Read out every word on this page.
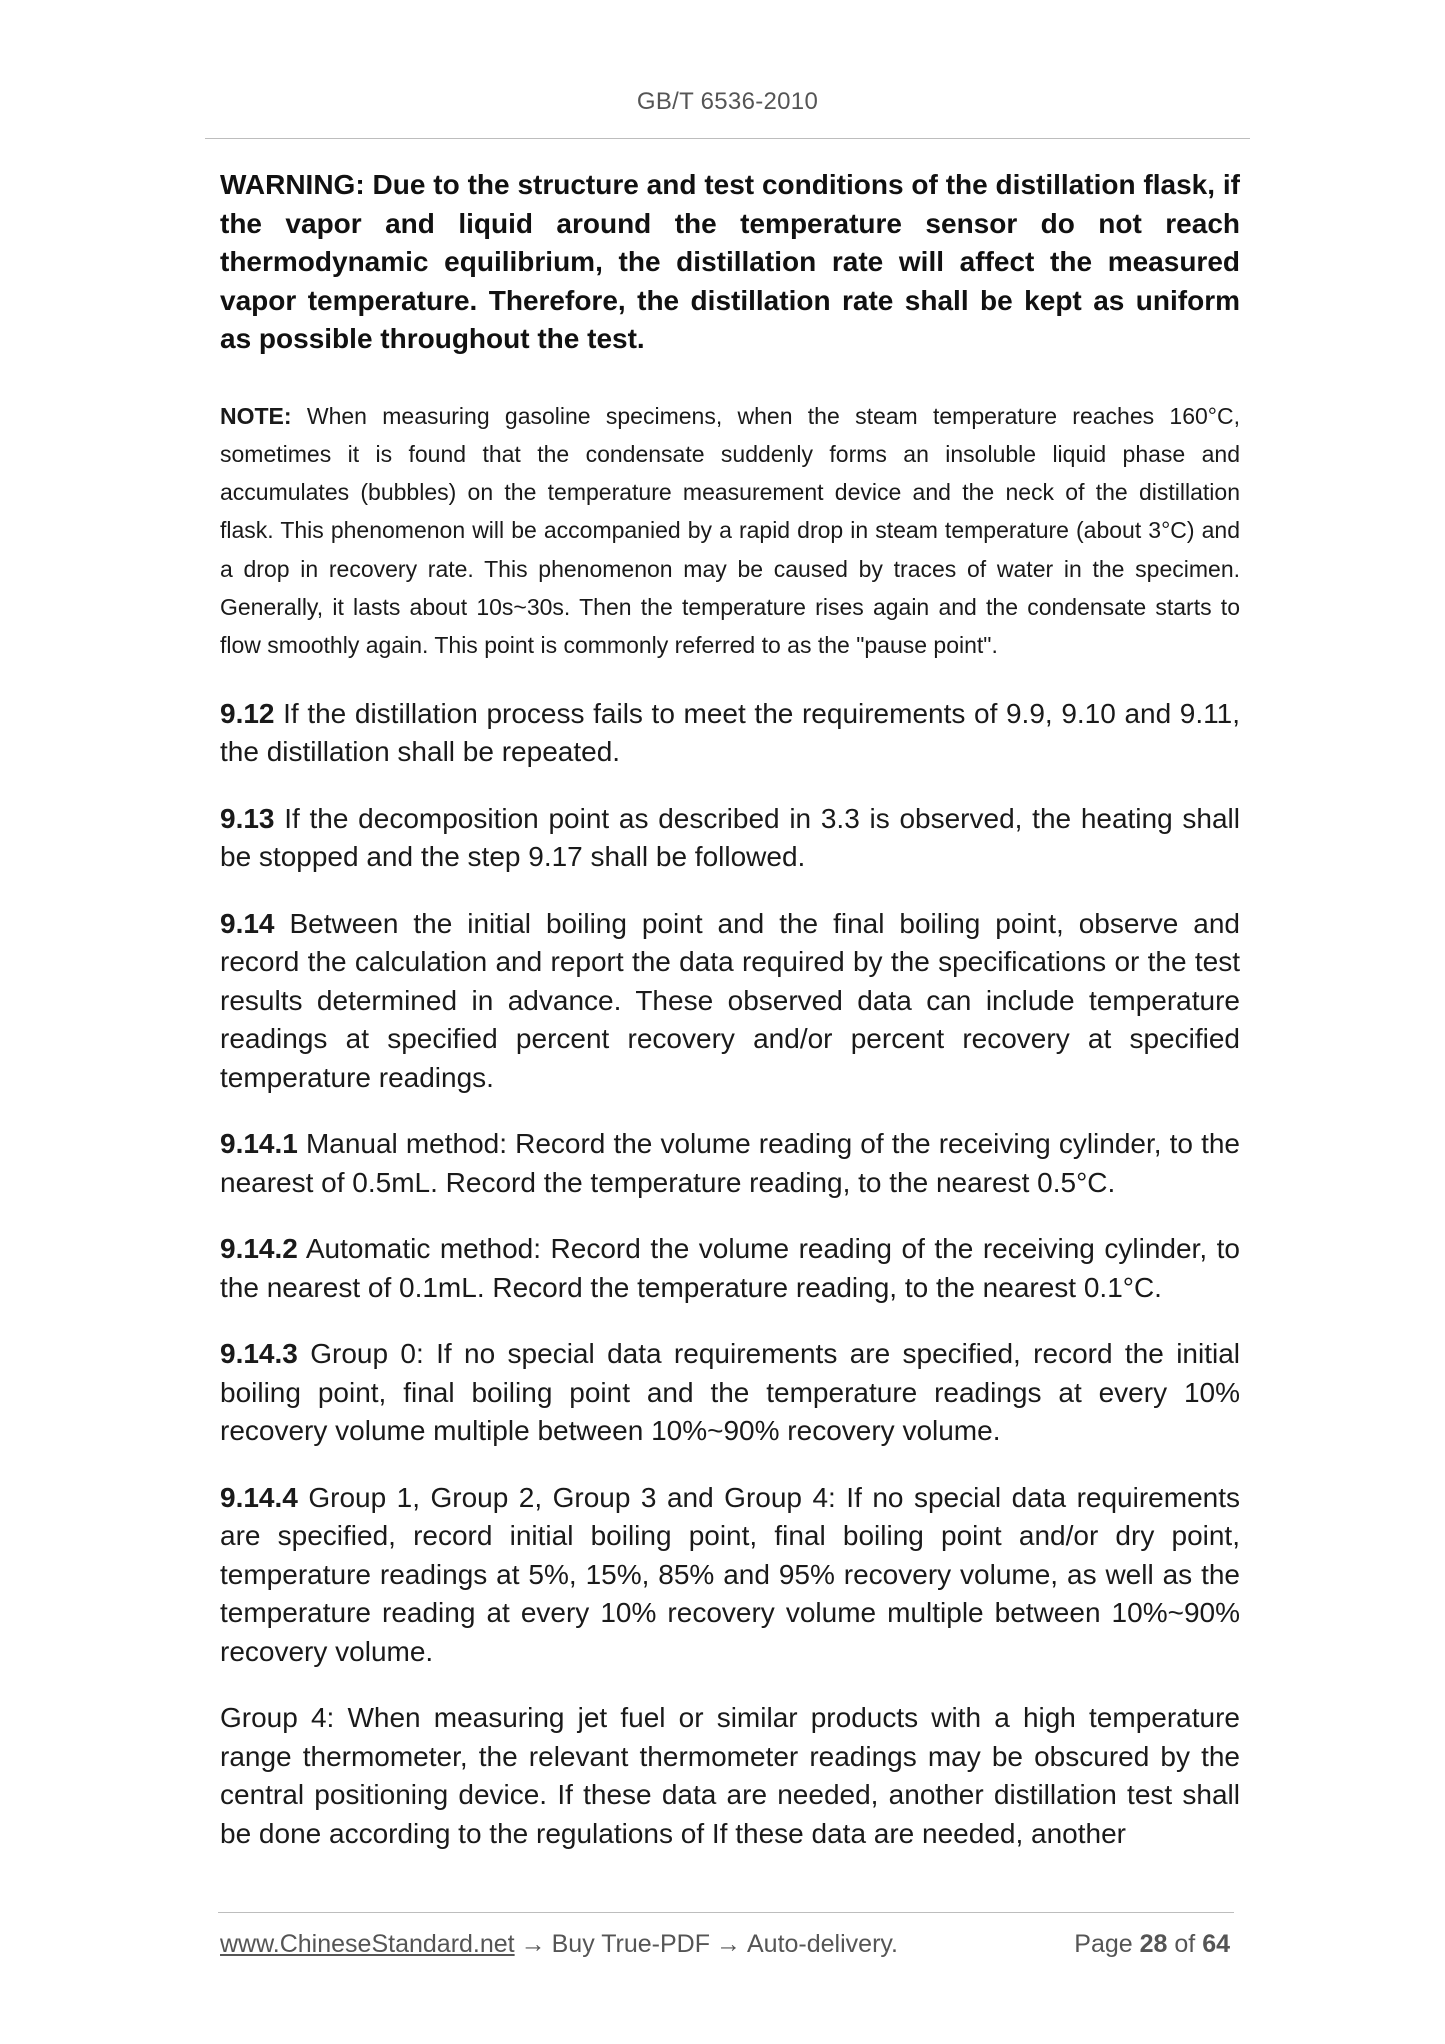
GB/T 6536-2010

WARNING: Due to the structure and test conditions of the distillation flask, if the vapor and liquid around the temperature sensor do not reach thermodynamic equilibrium, the distillation rate will affect the measured vapor temperature. Therefore, the distillation rate shall be kept as uniform as possible throughout the test.

NOTE: When measuring gasoline specimens, when the steam temperature reaches 160°C, sometimes it is found that the condensate suddenly forms an insoluble liquid phase and accumulates (bubbles) on the temperature measurement device and the neck of the distillation flask. This phenomenon will be accompanied by a rapid drop in steam temperature (about 3°C) and a drop in recovery rate. This phenomenon may be caused by traces of water in the specimen. Generally, it lasts about 10s~30s. Then the temperature rises again and the condensate starts to flow smoothly again. This point is commonly referred to as the "pause point".

9.12 If the distillation process fails to meet the requirements of 9.9, 9.10 and 9.11, the distillation shall be repeated.

9.13 If the decomposition point as described in 3.3 is observed, the heating shall be stopped and the step 9.17 shall be followed.

9.14 Between the initial boiling point and the final boiling point, observe and record the calculation and report the data required by the specifications or the test results determined in advance. These observed data can include temperature readings at specified percent recovery and/or percent recovery at specified temperature readings.

9.14.1 Manual method: Record the volume reading of the receiving cylinder, to the nearest of 0.5mL. Record the temperature reading, to the nearest 0.5°C.

9.14.2 Automatic method: Record the volume reading of the receiving cylinder, to the nearest of 0.1mL. Record the temperature reading, to the nearest 0.1°C.

9.14.3 Group 0: If no special data requirements are specified, record the initial boiling point, final boiling point and the temperature readings at every 10% recovery volume multiple between 10%~90% recovery volume.

9.14.4 Group 1, Group 2, Group 3 and Group 4: If no special data requirements are specified, record initial boiling point, final boiling point and/or dry point, temperature readings at 5%, 15%, 85% and 95% recovery volume, as well as the temperature reading at every 10% recovery volume multiple between 10%~90% recovery volume.

Group 4: When measuring jet fuel or similar products with a high temperature range thermometer, the relevant thermometer readings may be obscured by the central positioning device. If these data are needed, another distillation test shall be done according to the regulations of If these data are needed, another

www.ChineseStandard.net → Buy True-PDF → Auto-delivery.	Page 28 of 64
